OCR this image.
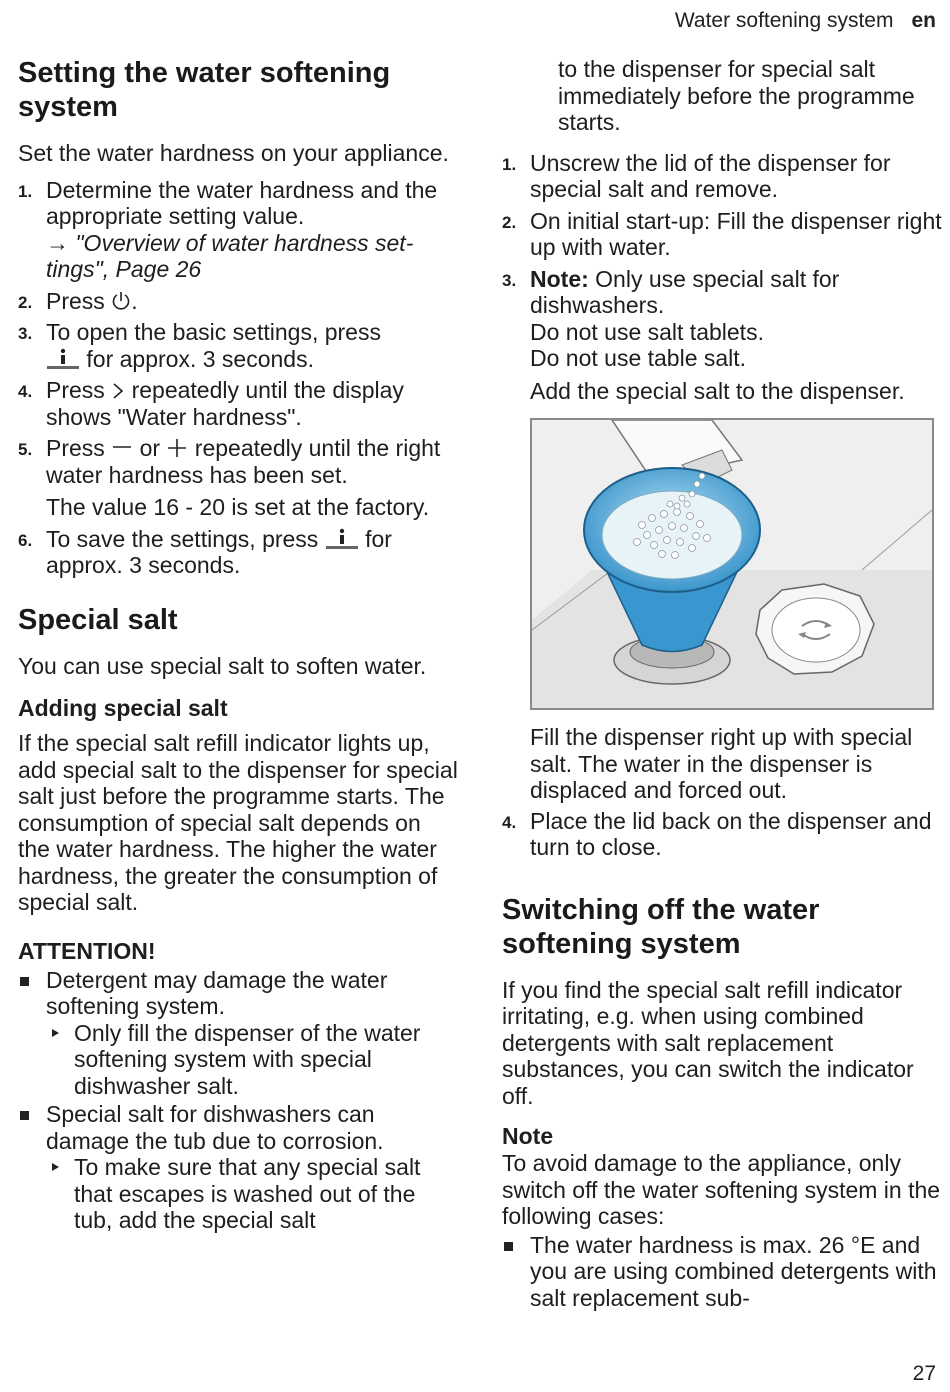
Water softening system en
Setting the water softening system

Set the water hardness on your appliance.

1. Determine the water hardness and the appropriate setting value.
→ "Overview of water hardness settings", Page 26
2. Press .
3. To open the basic settings, press
for approx. 3 seconds.
4. Press  repeatedly until the display shows "Water hardness".
5. Press  or  repeatedly until the right water hardness has been set.
The value 16 - 20 is set at the factory.
6. To save the settings, press  for approx. 3 seconds.
Special salt

You can use special salt to soften water.

Adding special salt

If the special salt refill indicator lights up, add special salt to the dispenser for special salt just before the programme starts. The consumption of special salt depends on the water hardness. The higher the water hardness, the greater the consumption of special salt.

ATTENTION!
Detergent may damage the water softening system.
Only fill the dispenser of the water softening system with special dishwasher salt.
Special salt for dishwashers can damage the tub due to corrosion.
To make sure that any special salt that escapes is washed out of the tub, add the special salt

to the dispenser for special salt immediately before the programme starts.

1. Unscrew the lid of the dispenser for special salt and remove.
2. On initial start-up: Fill the dispenser right up with water.
3. Note: Only use special salt for dishwashers.
Do not use salt tablets.
Do not use table salt.
Add the special salt to the dispenser.

Fill the dispenser right up with special salt. The water in the dispenser is displaced and forced out.

4. Place the lid back on the dispenser and turn to close.
Switching off the water softening system

If you find the special salt refill indicator irritating, e.g. when using combined detergents with salt replacement substances, you can switch the indicator off.

Note

To avoid damage to the appliance, only switch off the water softening system in the following cases:

The water hardness is max. 26 °E and you are using combined detergents with salt replacement sub-
27
